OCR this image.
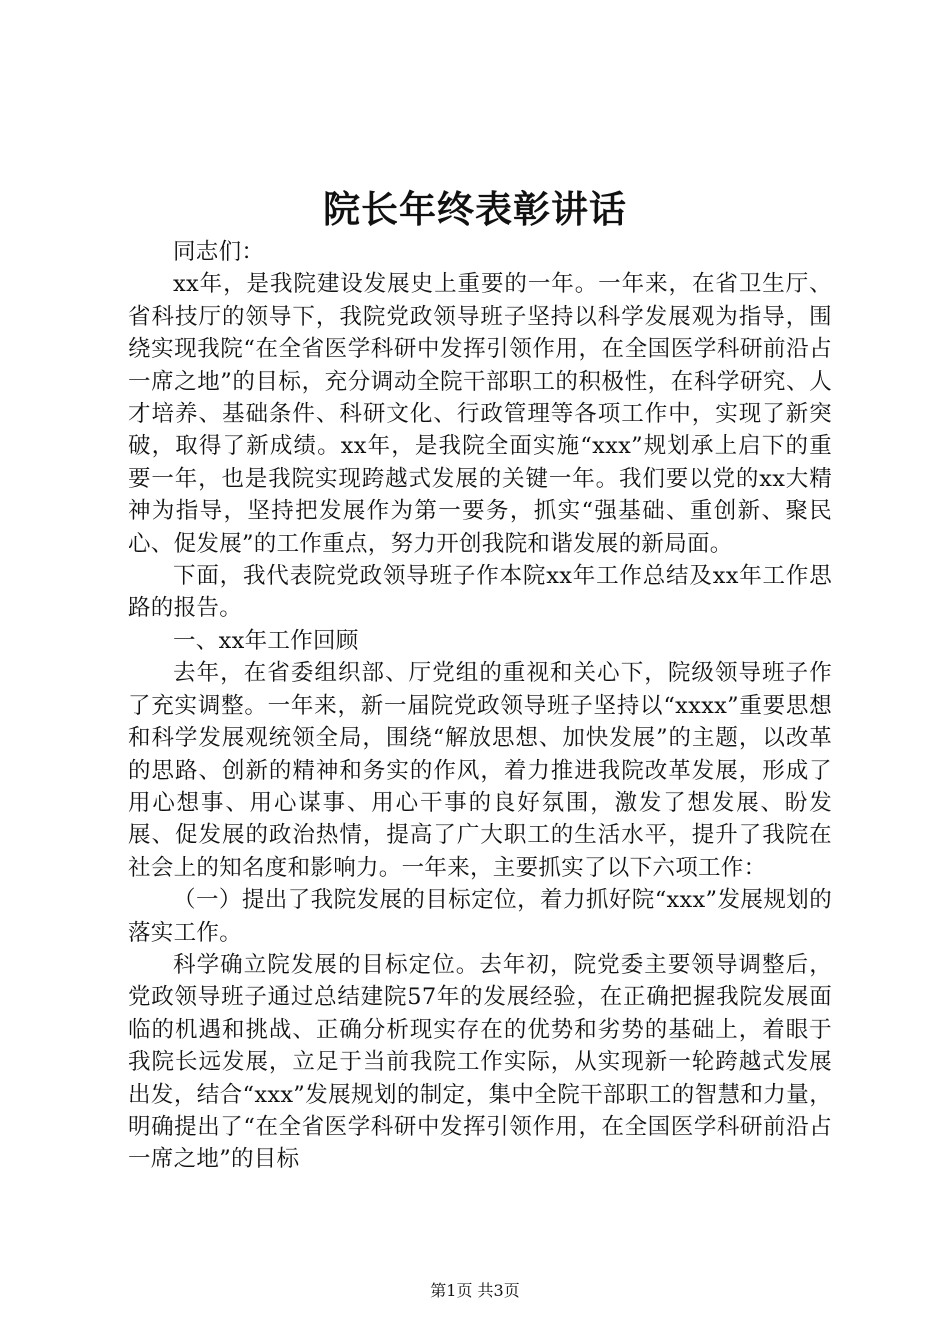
院长年终表彰讲话

同志们：

xx年，是我院建设发展史上重要的一年。一年来，在省卫生厅、省科技厅的领导下，我院党政领导班子坚持以科学发展观为指导，围绕实现我院“在全省医学科研中发挥引领作用，在全国医学科研前沿占一席之地”的目标，充分调动全院干部职工的积极性，在科学研究、人才培养、基础条件、科研文化、行政管理等各项工作中，实现了新突破，取得了新成绩。xx年，是我院全面实施“xxx”规划承上启下的重要一年，也是我院实现跨越式发展的关键一年。我们要以党的xx大精神为指导，坚持把发展作为第一要务，抓实“强基础、重创新、聚民心、促发展”的工作重点，努力开创我院和谐发展的新局面。

下面，我代表院党政领导班子作本院xx年工作总结及xx年工作思路的报告。

一、xx年工作回顾

去年，在省委组织部、厅党组的重视和关心下，院级领导班子作了充实调整。一年来，新一届院党政领导班子坚持以“xxxx”重要思想和科学发展观统领全局，围绕“解放思想、加快发展”的主题，以改革的思路、创新的精神和务实的作风，着力推进我院改革发展，形成了用心想事、用心谋事、用心干事的良好氛围，激发了想发展、盼发展、促发展的政治热情，提高了广大职工的生活水平，提升了我院在社会上的知名度和影响力。一年来，主要抓实了以下六项工作：

（一）提出了我院发展的目标定位，着力抓好院“xxx”发展规划的落实工作。

科学确立院发展的目标定位。去年初，院党委主要领导调整后，党政领导班子通过总结建院57年的发展经验，在正确把握我院发展面临的机遇和挑战、正确分析现实存在的优势和劣势的基础上，着眼于我院长远发展，立足于当前我院工作实际，从实现新一轮跨越式发展出发，结合“xxx”发展规划的制定，集中全院干部职工的智慧和力量，明确提出了“在全省医学科研中发挥引领作用，在全国医学科研前沿占一席之地”的目标

第1页 共3页
